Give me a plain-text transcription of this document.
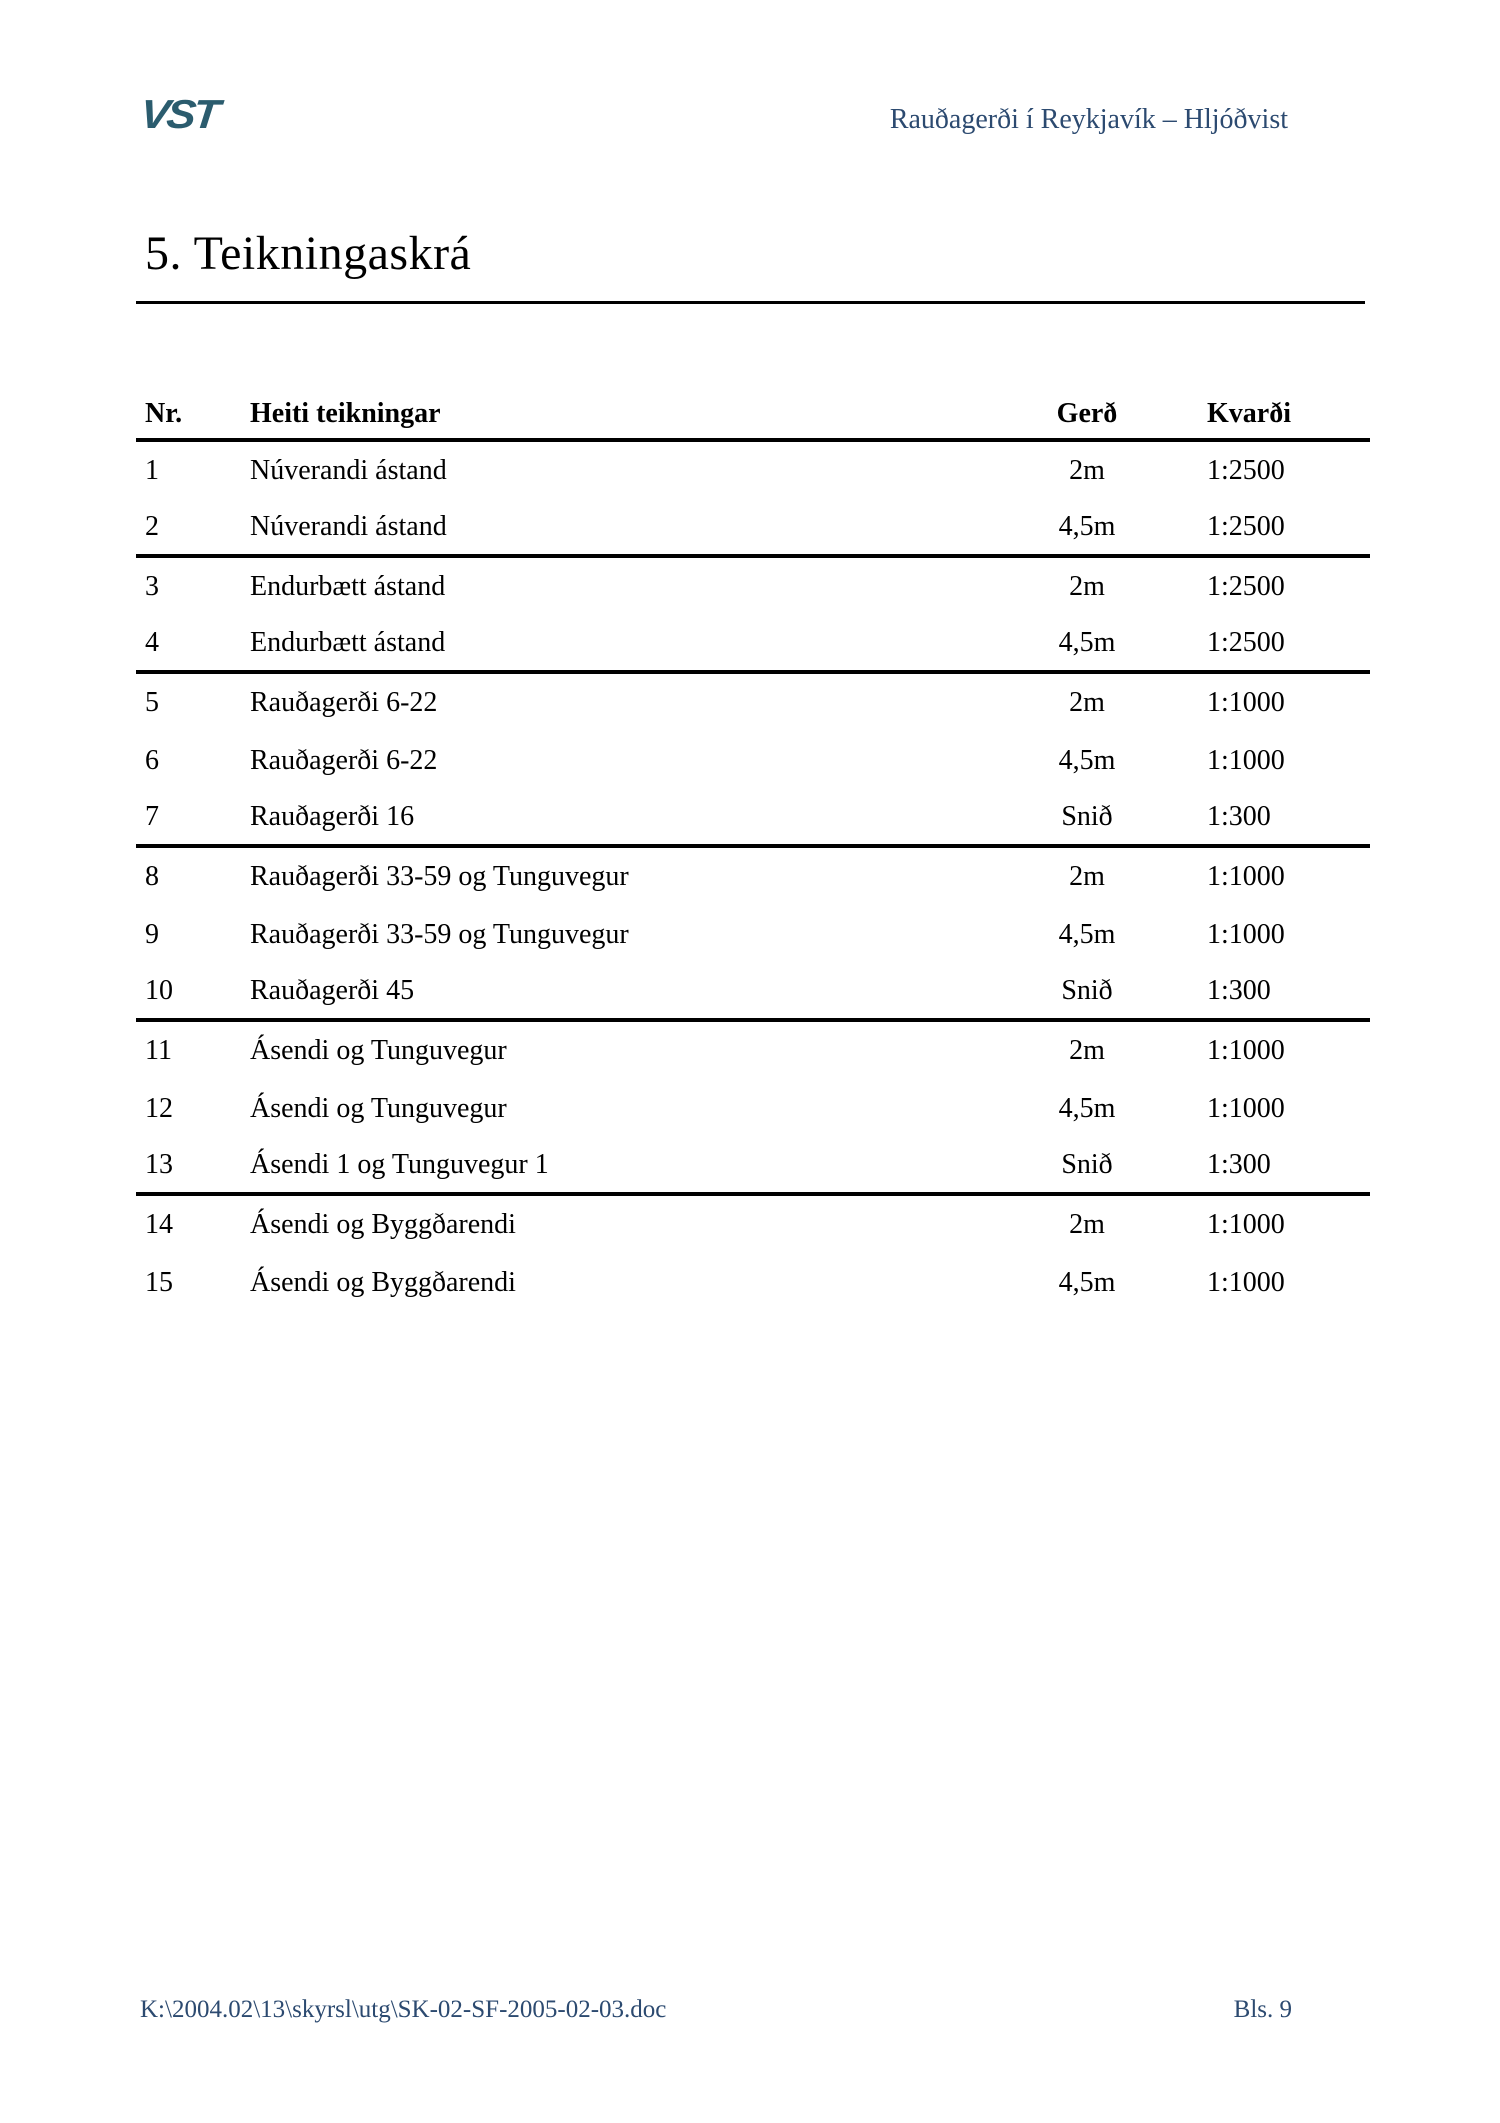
VST	Rauðagerði í Reykjavík – Hljóðvist
5. Teikningaskrá
Nr.	Heiti teikningar	Gerð	Kvarði
1	Núverandi ástand	2m	1:2500
2	Núverandi ástand	4,5m	1:2500
3	Endurbætt ástand	2m	1:2500
4	Endurbætt ástand	4,5m	1:2500
5	Rauðagerði 6-22	2m	1:1000
6	Rauðagerði 6-22	4,5m	1:1000
7	Rauðagerði 16	Snið	1:300
8	Rauðagerði 33-59 og Tunguvegur	2m	1:1000
9	Rauðagerði 33-59 og Tunguvegur	4,5m	1:1000
10	Rauðagerði 45	Snið	1:300
11	Ásendi og Tunguvegur	2m	1:1000
12	Ásendi og Tunguvegur	4,5m	1:1000
13	Ásendi 1 og Tunguvegur 1	Snið	1:300
14	Ásendi og Byggðarendi	2m	1:1000
15	Ásendi og Byggðarendi	4,5m	1:1000
K:\2004.02\13\skyrsl\utg\SK-02-SF-2005-02-03.doc	Bls. 9
